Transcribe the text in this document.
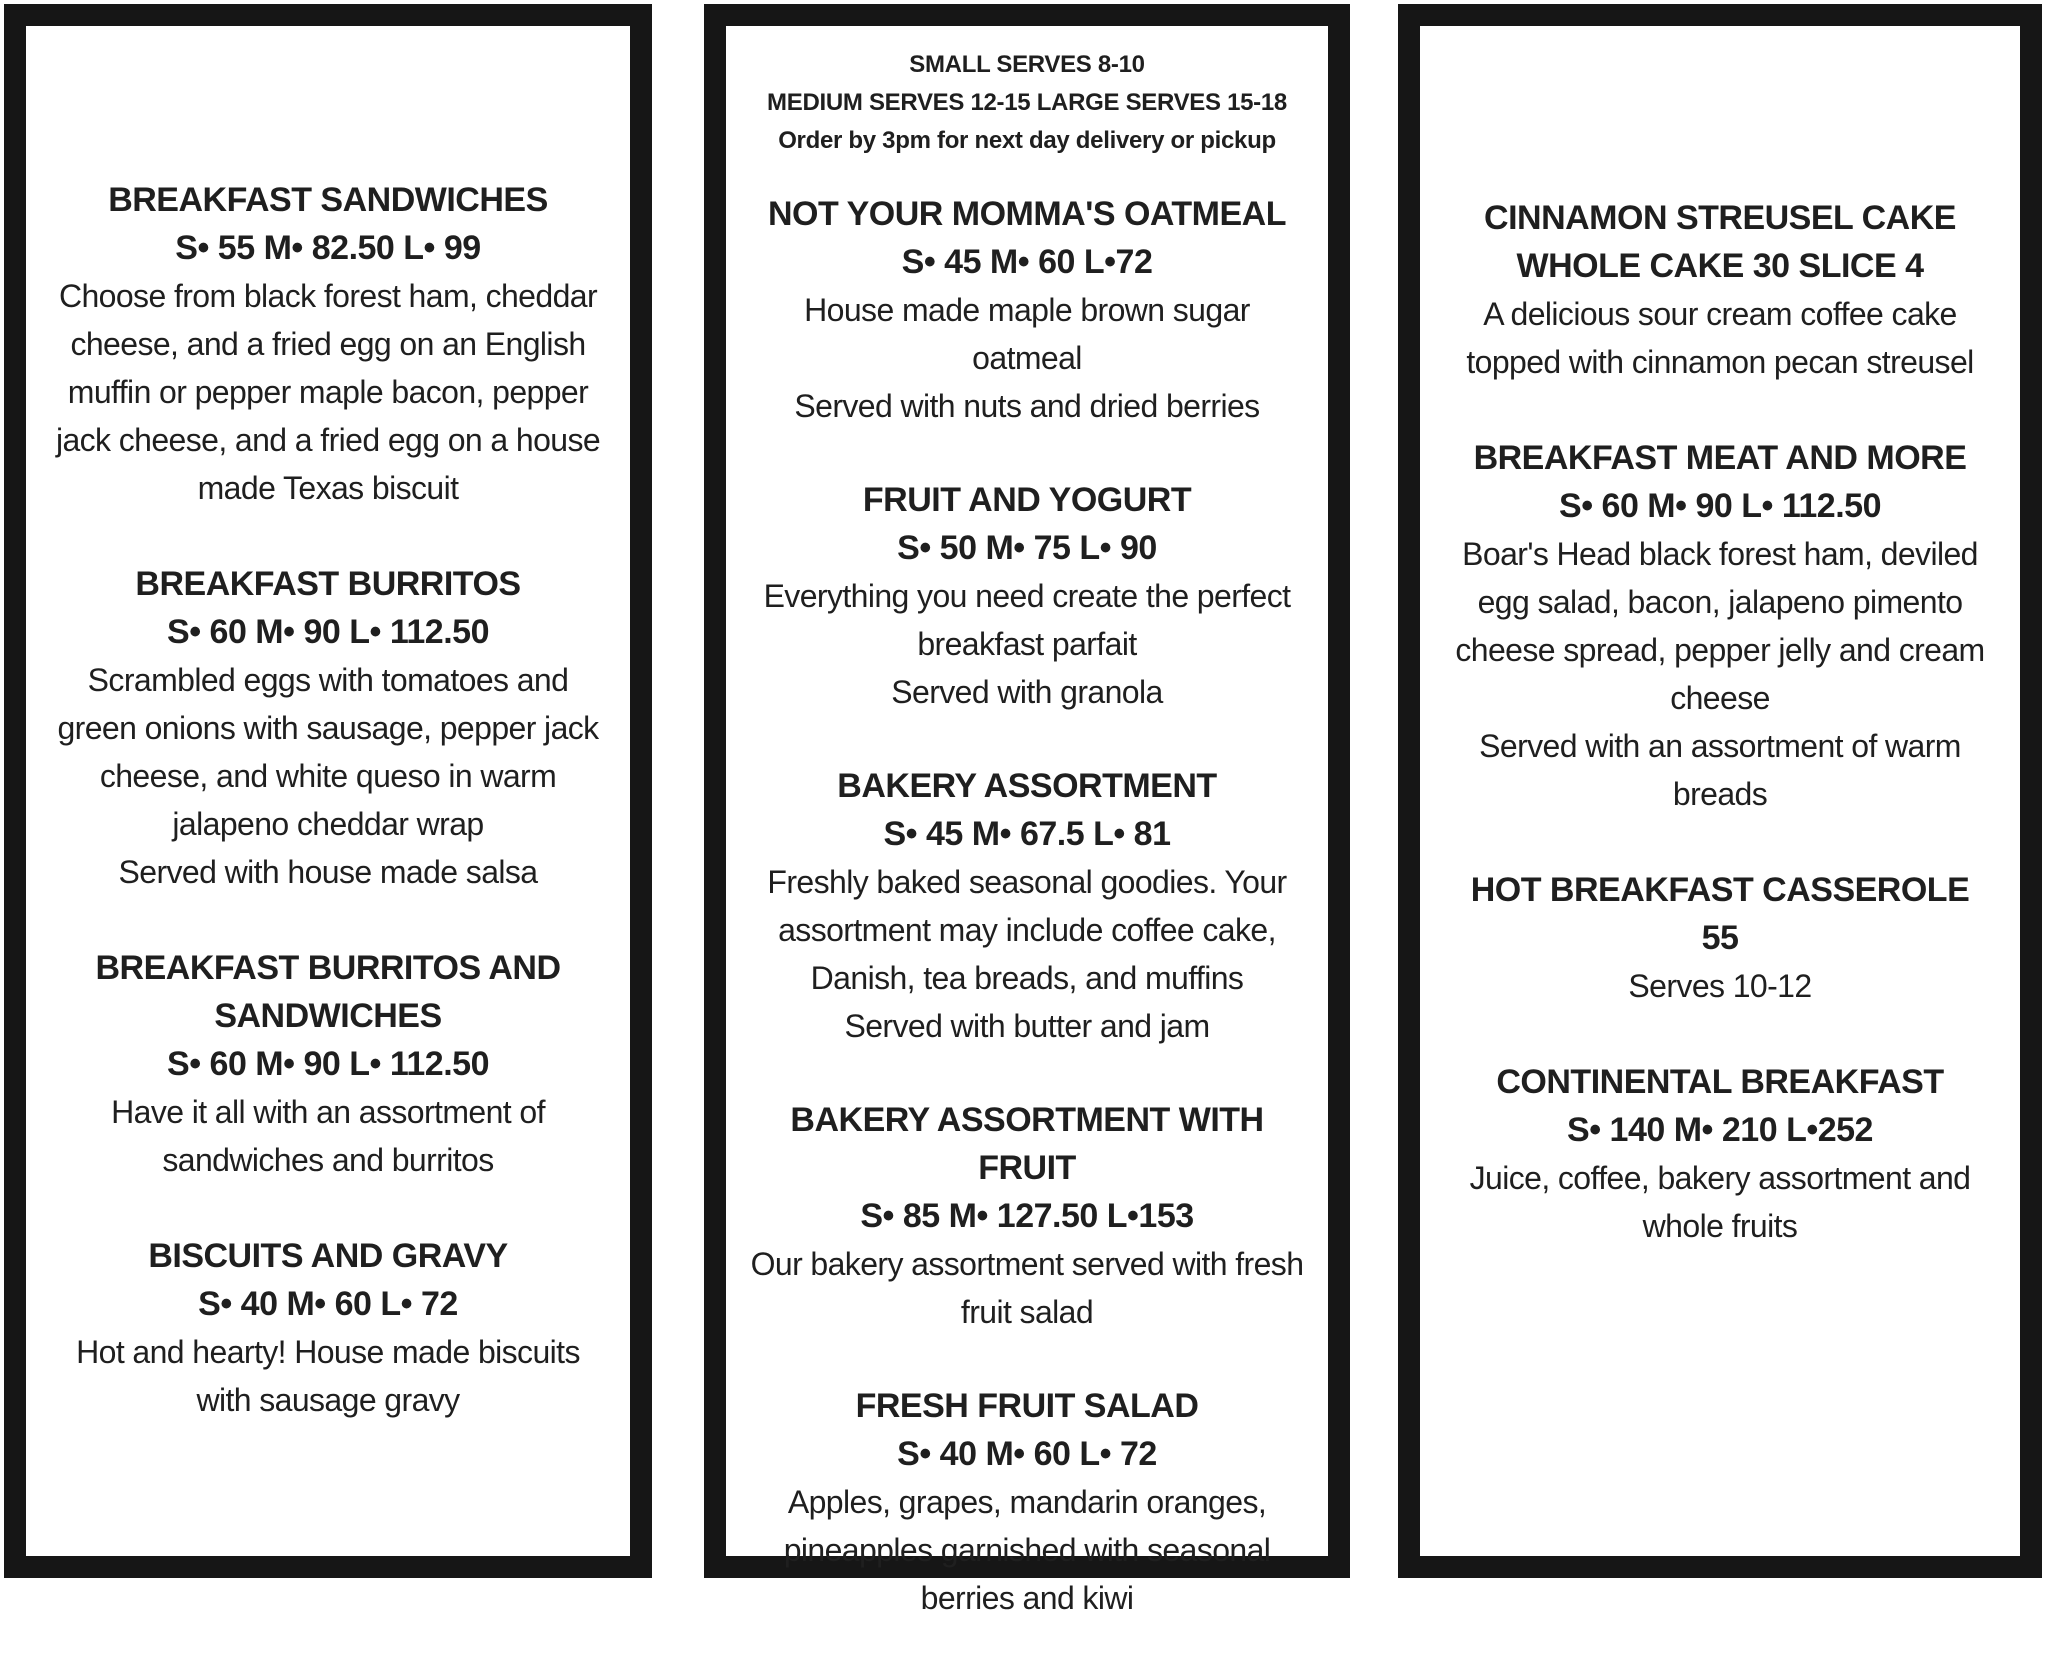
BREAKFAST SANDWICHES
S• 55 M• 82.50 L• 99
Choose from black forest ham, cheddar cheese, and a fried egg on an English muffin or pepper maple bacon, pepper jack cheese, and a fried egg on a house made Texas biscuit
BREAKFAST BURRITOS
S• 60 M• 90 L• 112.50
Scrambled eggs with tomatoes and green onions with sausage, pepper jack cheese, and white queso in warm jalapeno cheddar wrap
Served with house made salsa
BREAKFAST BURRITOS AND SANDWICHES
S• 60 M• 90 L• 112.50
Have it all with an assortment of sandwiches and burritos
BISCUITS AND GRAVY
S• 40 M• 60 L• 72
Hot and hearty! House made biscuits with sausage gravy
SMALL SERVES 8-10
MEDIUM SERVES 12-15 LARGE SERVES 15-18
Order by 3pm for next day delivery or pickup
NOT YOUR MOMMA'S OATMEAL
S• 45 M• 60 L•72
House made maple brown sugar oatmeal
Served with nuts and dried berries
FRUIT AND YOGURT
S• 50 M• 75 L• 90
Everything you need create the perfect breakfast parfait
Served with granola
BAKERY ASSORTMENT
S• 45 M• 67.5 L• 81
Freshly baked seasonal goodies. Your assortment may include coffee cake, Danish, tea breads, and muffins
Served with butter and jam
BAKERY ASSORTMENT WITH FRUIT
S• 85 M• 127.50 L•153
Our bakery assortment served with fresh fruit salad
FRESH FRUIT SALAD
S• 40 M• 60 L• 72
Apples, grapes, mandarin oranges, pineapples garnished with seasonal berries and kiwi
CINNAMON STREUSEL CAKE
WHOLE CAKE 30 SLICE 4
A delicious sour cream coffee cake topped with cinnamon pecan streusel
BREAKFAST MEAT AND MORE
S• 60 M• 90 L• 112.50
Boar's Head black forest ham, deviled egg salad, bacon, jalapeno pimento cheese spread, pepper jelly and cream cheese
Served with an assortment of warm breads
HOT BREAKFAST CASSEROLE
55
Serves 10-12
CONTINENTAL BREAKFAST
S• 140 M• 210 L•252
Juice, coffee, bakery assortment and whole fruits
